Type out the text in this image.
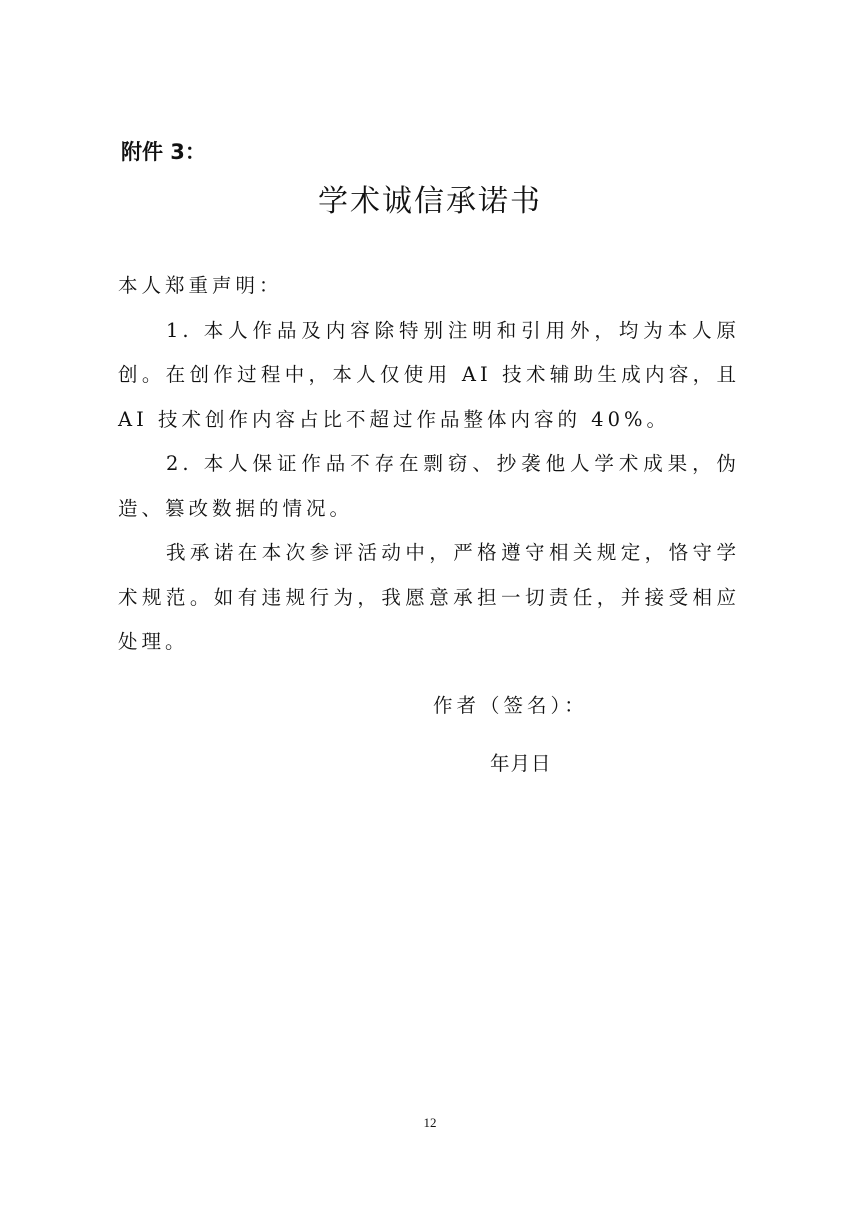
附件 3：
学术诚信承诺书

本人郑重声明：

1. 本人作品及内容除特别注明和引用外，均为本人原创。在创作过程中，本人仅使用 AI 技术辅助生成内容，且 AI 技术创作内容占比不超过作品整体内容的 40%。

2. 本人保证作品不存在剽窃、抄袭他人学术成果，伪造、篡改数据的情况。

我承诺在本次参评活动中，严格遵守相关规定，恪守学术规范。如有违规行为，我愿意承担一切责任，并接受相应处理。

作者（签名）：
年月日
12
